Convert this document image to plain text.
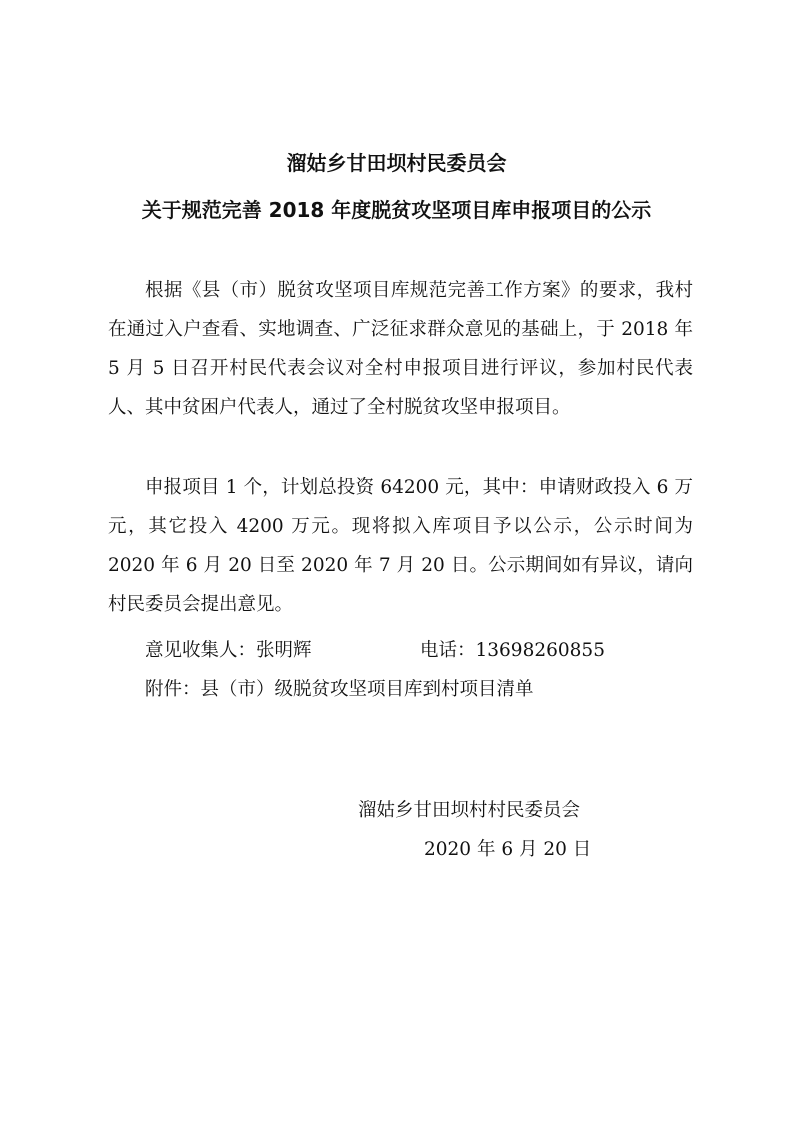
溜姑乡甘田坝村民委员会
关于规范完善 2018 年度脱贫攻坚项目库申报项目的公示

根据《县（市）脱贫攻坚项目库规范完善工作方案》的要求，我村在通过入户查看、实地调查、广泛征求群众意见的基础上，于 2018 年 5 月 5 日召开村民代表会议对全村申报项目进行评议，参加村民代表人、其中贫困户代表人，通过了全村脱贫攻坚申报项目。

申报项目 1 个，计划总投资 64200 元，其中：申请财政投入 6 万元，其它投入 4200 万元。现将拟入库项目予以公示，公示时间为 2020 年 6 月 20 日至 2020 年 7 月 20 日。公示期间如有异议，请向村民委员会提出意见。

意见收集人：张明辉	电话：13698260855
附件：县（市）级脱贫攻坚项目库到村项目清单
溜姑乡甘田坝村村民委员会
2020 年 6 月 20 日
